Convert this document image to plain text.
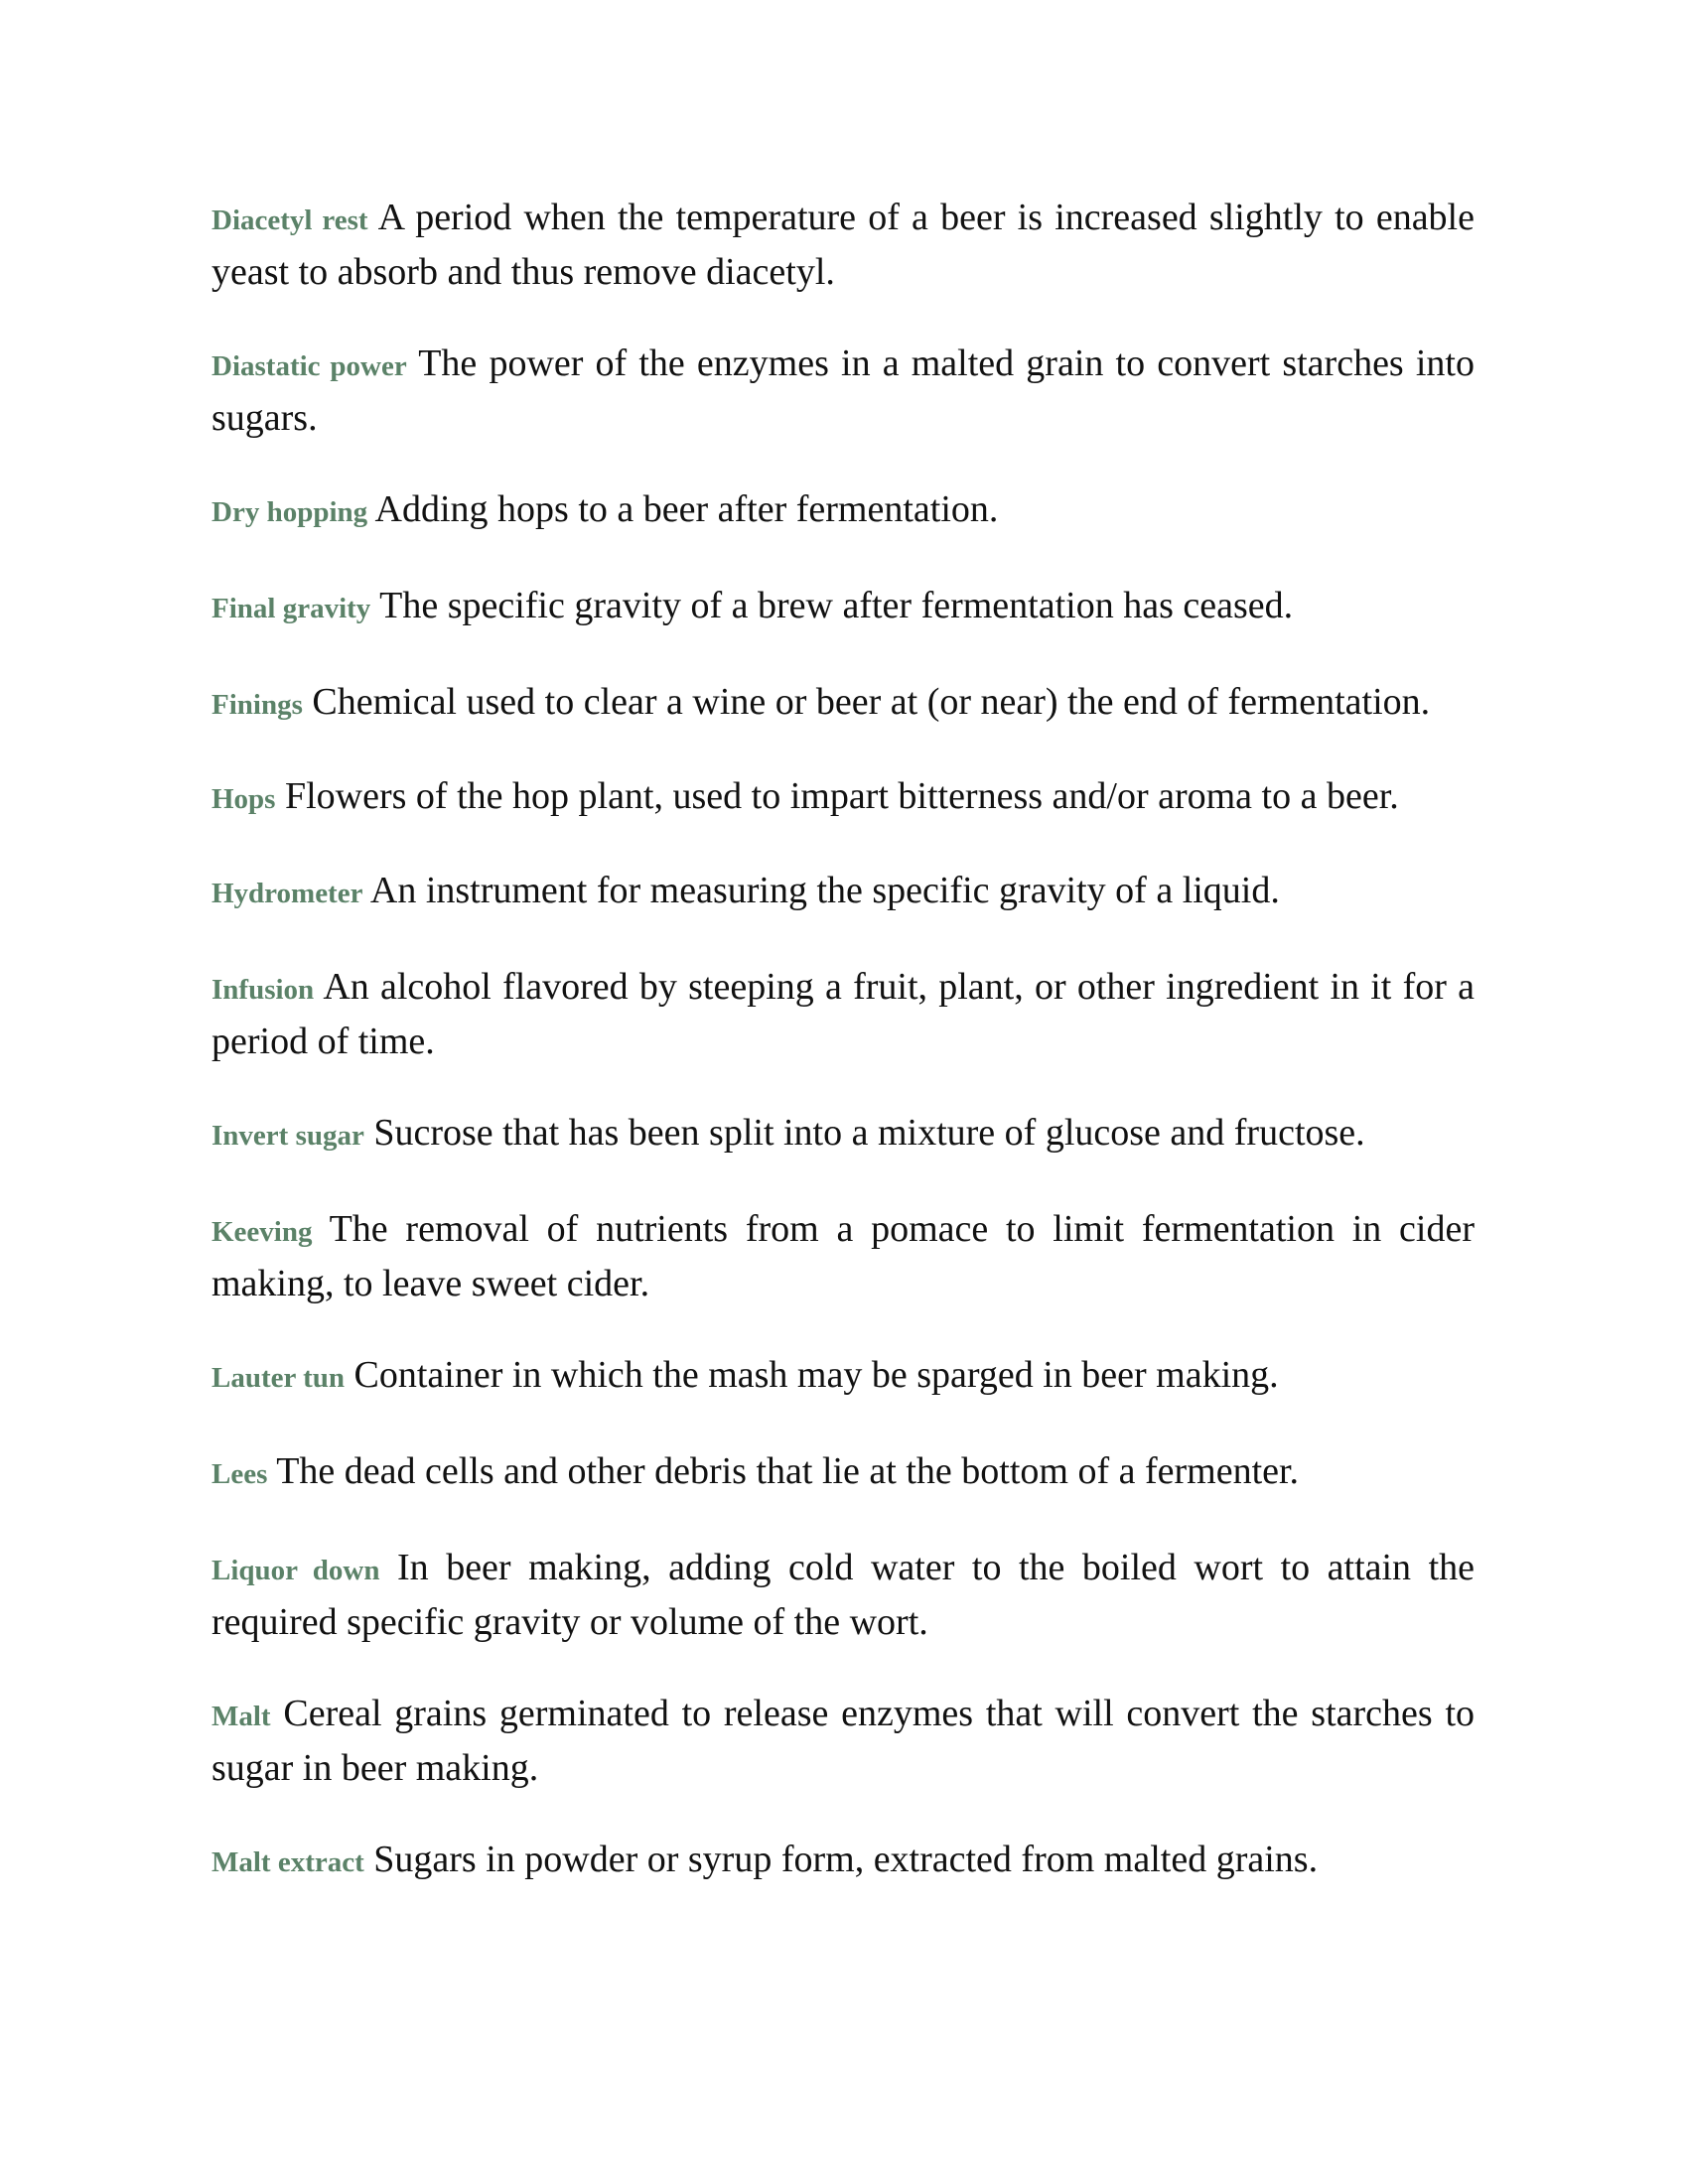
Diacetyl rest A period when the temperature of a beer is increased slightly to enable yeast to absorb and thus remove diacetyl.

Diastatic power The power of the enzymes in a malted grain to convert starches into sugars.

Dry hopping Adding hops to a beer after fermentation.

Final gravity The specific gravity of a brew after fermentation has ceased.

Finings Chemical used to clear a wine or beer at (or near) the end of fermentation.

Hops Flowers of the hop plant, used to impart bitterness and/or aroma to a beer.

Hydrometer An instrument for measuring the specific gravity of a liquid.

Infusion An alcohol flavored by steeping a fruit, plant, or other ingredient in it for a period of time.

Invert sugar Sucrose that has been split into a mixture of glucose and fructose.

Keeving The removal of nutrients from a pomace to limit fermentation in cider making, to leave sweet cider.

Lauter tun Container in which the mash may be sparged in beer making.

Lees The dead cells and other debris that lie at the bottom of a fermenter.

Liquor down In beer making, adding cold water to the boiled wort to attain the required specific gravity or volume of the wort.

Malt Cereal grains germinated to release enzymes that will convert the starches to sugar in beer making.

Malt extract Sugars in powder or syrup form, extracted from malted grains.
